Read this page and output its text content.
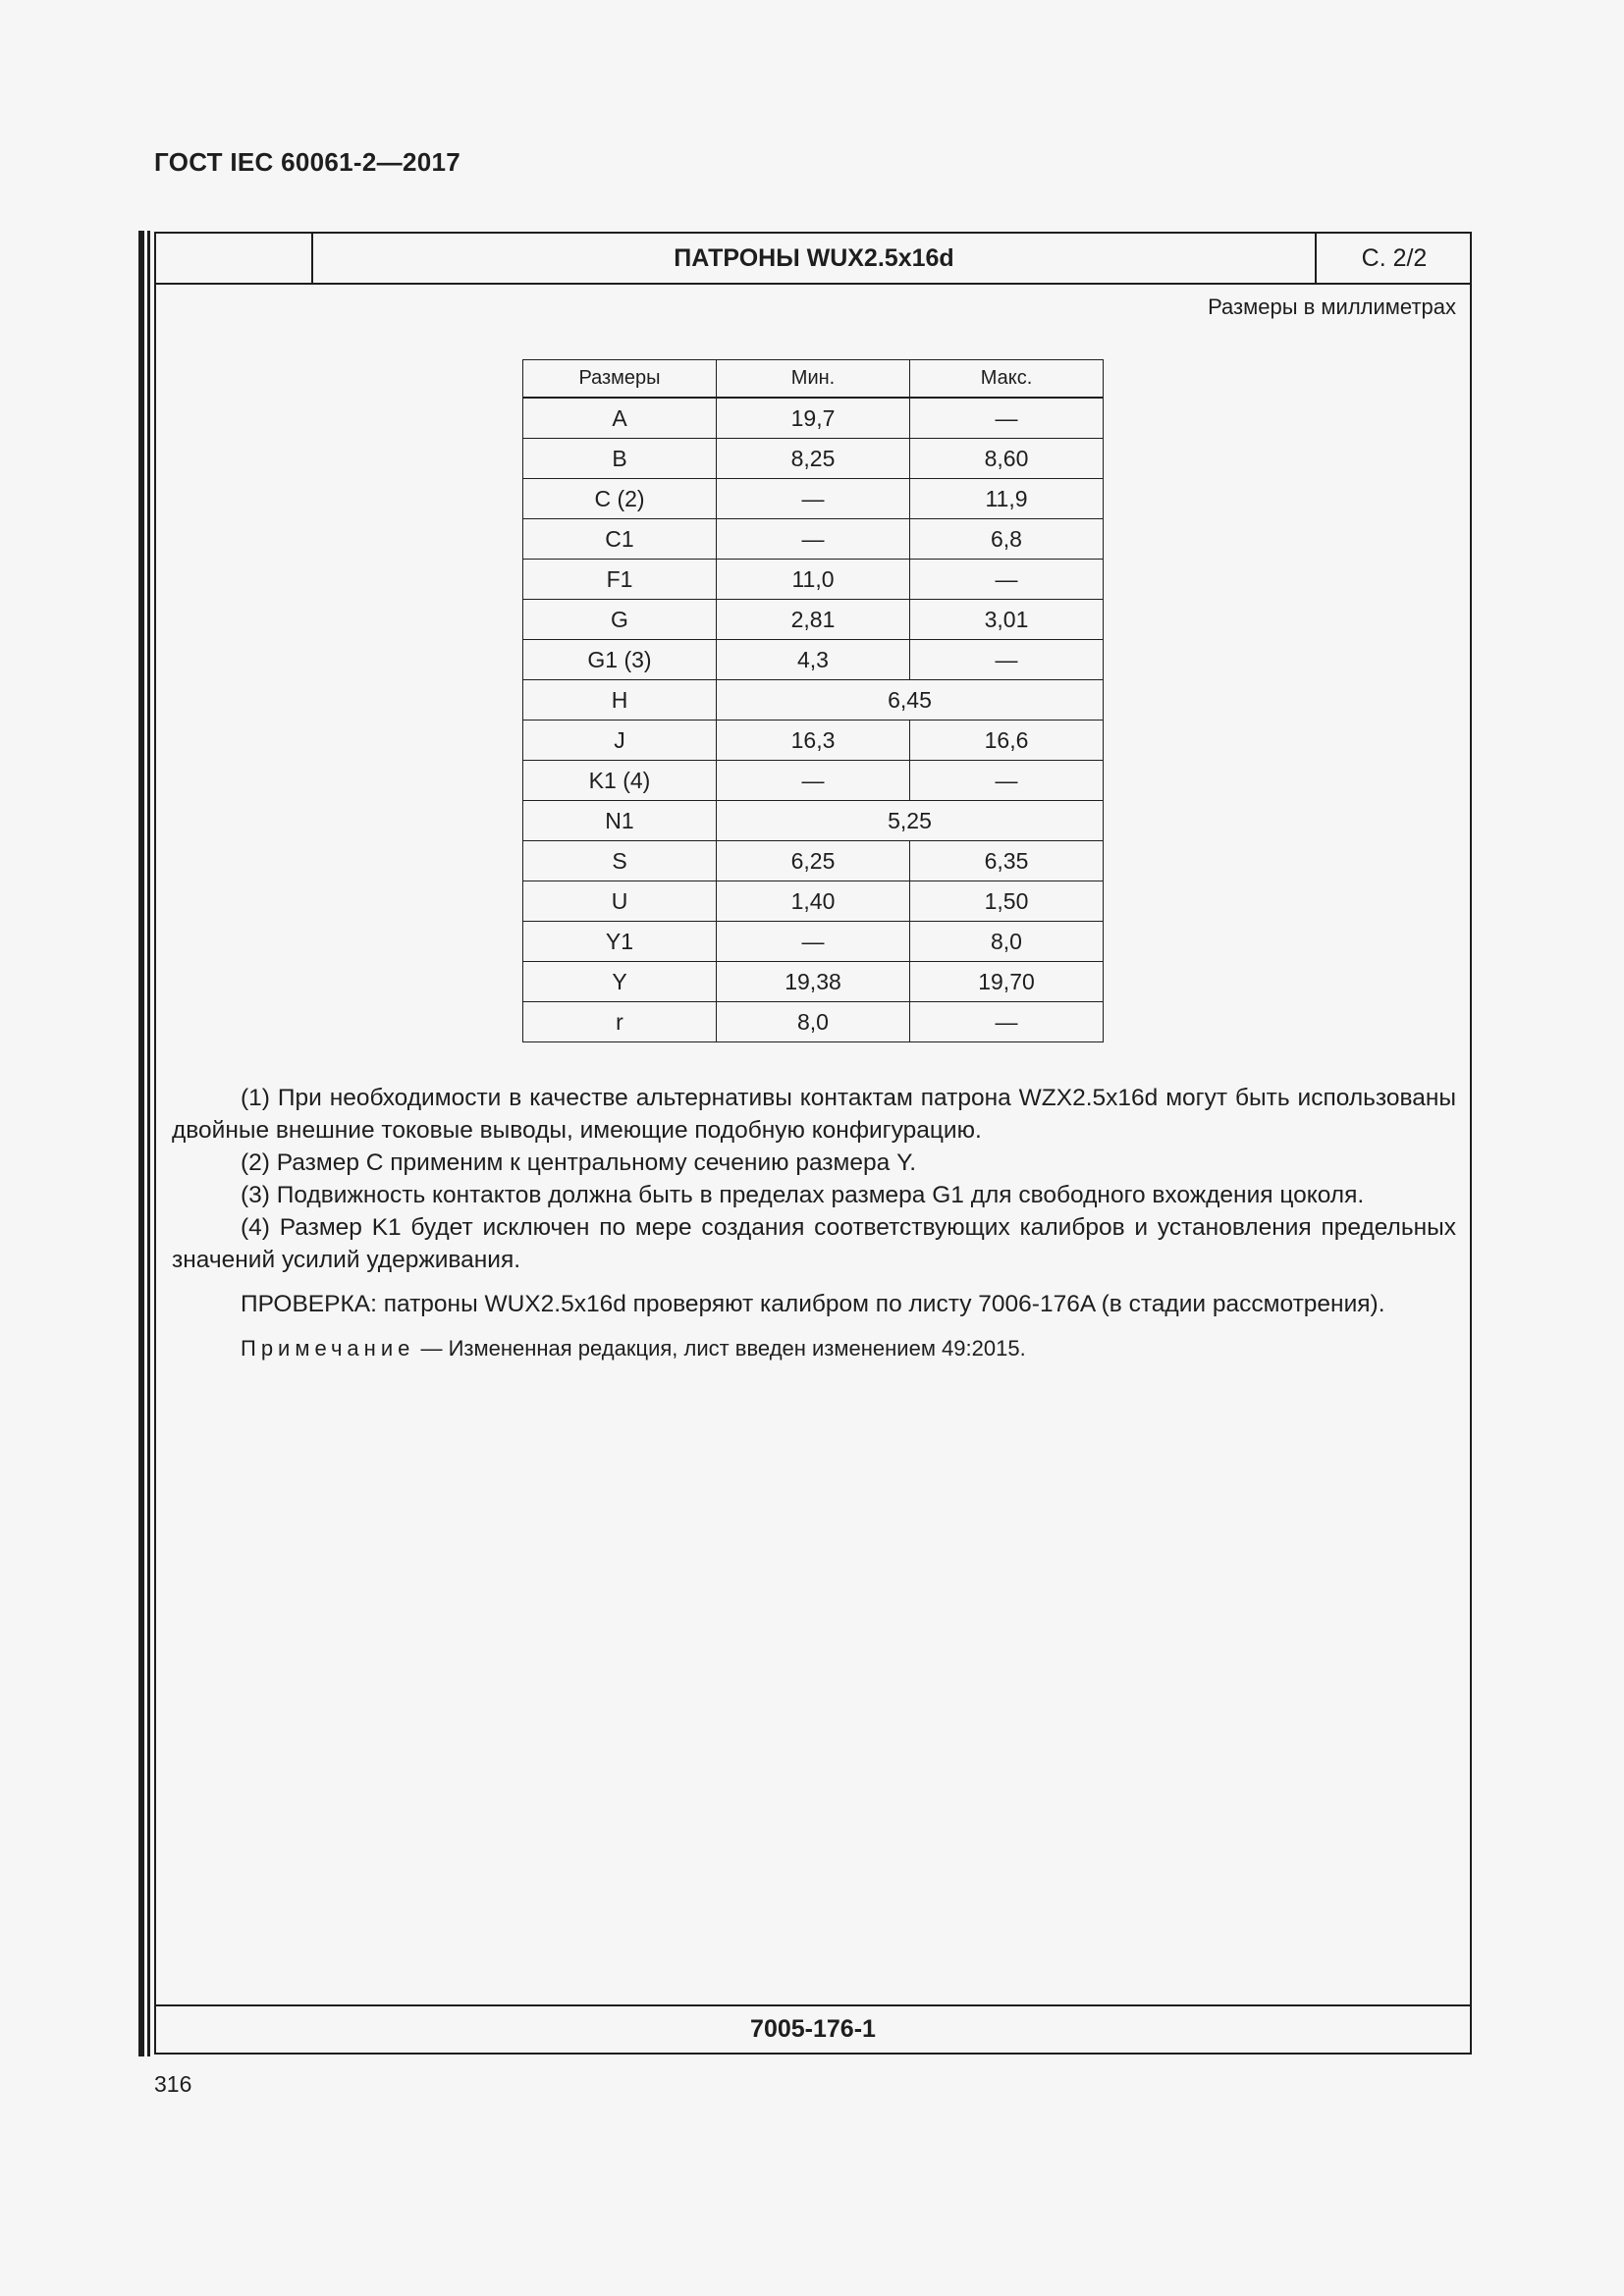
ГОСТ IEC 60061-2—2017
ПАТРОНЫ WUX2.5x16d	С. 2/2
Размеры в миллиметрах
Размеры	Мин.	Макс.
A	19,7	—
B	8,25	8,60
C (2)	—	11,9
C1	—	6,8
F1	11,0	—
G	2,81	3,01
G1 (3)	4,3	—
H	6,45	
J	16,3	16,6
K1 (4)	—	—
N1	5,25	
S	6,25	6,35
U	1,40	1,50
Y1	—	8,0
Y	19,38	19,70
r	8,0	—

(1) При необходимости в качестве альтернативы контактам патрона WZX2.5x16d могут быть использованы двойные внешние токовые выводы, имеющие подобную конфигурацию.

(2) Размер C применим к центральному сечению размера Y.

(3) Подвижность контактов должна быть в пределах размера G1 для свободного вхождения цоколя.

(4) Размер K1 будет исключен по мере создания соответствующих калибров и установления предельных значений усилий удерживания.

ПРОВЕРКА: патроны WUX2.5x16d проверяют калибром по листу 7006-176A (в стадии рассмотрения).

Примечание — Измененная редакция, лист введен изменением 49:2015.
7005-176-1
316
